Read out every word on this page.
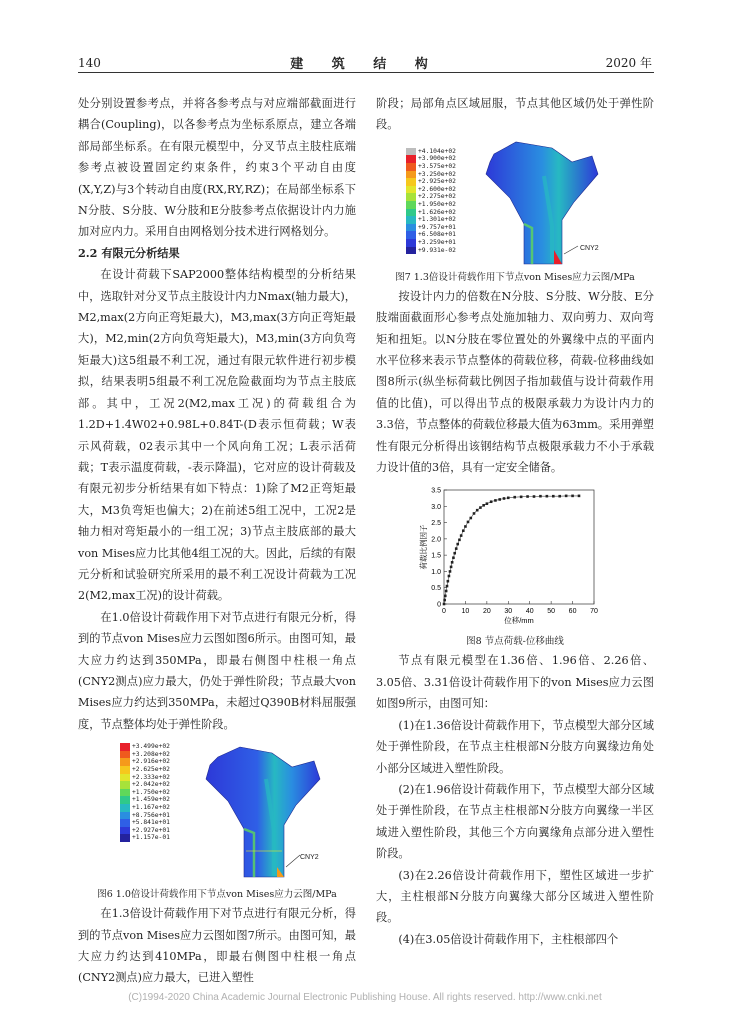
140	建 筑 结 构	2020 年

处分别设置参考点，并将各参考点与对应端部截面进行耦合(Coupling)，以各参考点为坐标系原点，建立各端部局部坐标系。在有限元模型中，分叉节点主肢柱底端参考点被设置固定约束条件，约束3个平动自由度(X,Y,Z)与3个转动自由度(RX,RY,RZ)；在局部坐标系下N分肢、S分肢、W分肢和E分肢参考点依据设计内力施加对应内力。采用自由网格划分技术进行网格划分。

2.2 有限元分析结果

在设计荷载下SAP2000整体结构模型的分析结果中，选取针对分叉节点主肢设计内力Nmax(轴力最大)，M2,max(2方向正弯矩最大)，M3,max(3方向正弯矩最大)，M2,min(2方向负弯矩最大)，M3,min(3方向负弯矩最大)这5组最不利工况，通过有限元软件进行初步模拟，结果表明5组最不利工况危险截面均为节点主肢底部。其中，工况2(M2,max工况)的荷载组合为1.2D+1.4W02+0.98L+0.84T-(D表示恒荷载；W表示风荷载，02表示其中一个风向角工况；L表示活荷载；T表示温度荷载，-表示降温)，它对应的设计荷载及有限元初步分析结果有如下特点：1)除了M2正弯矩最大，M3负弯矩也偏大；2)在前述5组工况中，工况2是轴力相对弯矩最小的一组工况；3)节点主肢底部的最大von Mises应力比其他4组工况的大。因此，后续的有限元分析和试验研究所采用的最不利工况设计荷载为工况2(M2,max工况)的设计荷载。

在1.0倍设计荷载作用下对节点进行有限元分析，得到的节点von Mises应力云图如图6所示。由图可知，最大应力约达到350MPa，即最右侧图中柱根一角点(CNY2测点)应力最大，仍处于弹性阶段；节点最大von Mises应力约达到350MPa，未超过Q390B材料屈服强度，节点整体均处于弹性阶段。

+3.499e+02
+3.208e+02
+2.916e+02
+2.625e+02
+2.333e+02
+2.042e+02
+1.750e+02
+1.459e+02
+1.167e+02
+8.756e+01
+5.841e+01
+2.927e+01
+1.157e-01
CNY2

图6 1.0倍设计荷载作用下节点von Mises应力云图/MPa

在1.3倍设计荷载作用下对节点进行有限元分析，得到的节点von Mises应力云图如图7所示。由图可知，最大应力约达到410MPa，即最右侧图中柱根一角点(CNY2测点)应力最大，已进入塑性

阶段；局部角点区域屈服，节点其他区域仍处于弹性阶段。

+4.104e+02
+3.900e+02
+3.575e+02
+3.250e+02
+2.925e+02
+2.600e+02
+2.275e+02
+1.950e+02
+1.626e+02
+1.301e+02
+9.757e+01
+6.508e+01
+3.259e+01
+9.931e-02	CNY2

图7 1.3倍设计荷载作用下节点von Mises应力云图/MPa

按设计内力的倍数在N分肢、S分肢、W分肢、E分肢端面截面形心参考点处施加轴力、双向剪力、双向弯矩和扭矩。以N分肢在零位置处的外翼缘中点的平面内水平位移来表示节点整体的荷载位移，荷载-位移曲线如图8所示(纵坐标荷载比例因子指加载值与设计荷载作用值的比值)，可以得出节点的极限承载力为设计内力的3.3倍，节点整体的荷载位移最大值为63mm。采用弹塑性有限元分析得出该钢结构节点极限承载力不小于承载力设计值的3倍，具有一定安全储备。

0 10 20 30 40 50 60 70
0
0.5
1.0
1.5
2.0
2.5
3.0
3.5
位移/mm
荷载比例因子

图8 节点荷载-位移曲线

节点有限元模型在1.36倍、1.96倍、2.26倍、3.05倍、3.31倍设计荷载作用下的von Mises应力云图如图9所示，由图可知：

(1)在1.36倍设计荷载作用下，节点模型大部分区域处于弹性阶段，在节点主柱根部N分肢方向翼缘边角处小部分区域进入塑性阶段。

(2)在1.96倍设计荷载作用下，节点模型大部分区域处于弹性阶段，在节点主柱根部N分肢方向翼缘一半区域进入塑性阶段，其他三个方向翼缘角点部分进入塑性阶段。

(3)在2.26倍设计荷载作用下，塑性区域进一步扩大，主柱根部N分肢方向翼缘大部分区域进入塑性阶段。

(4)在3.05倍设计荷载作用下，主柱根部四个

(C)1994-2020 China Academic Journal Electronic Publishing House. All rights reserved. http://www.cnki.net
